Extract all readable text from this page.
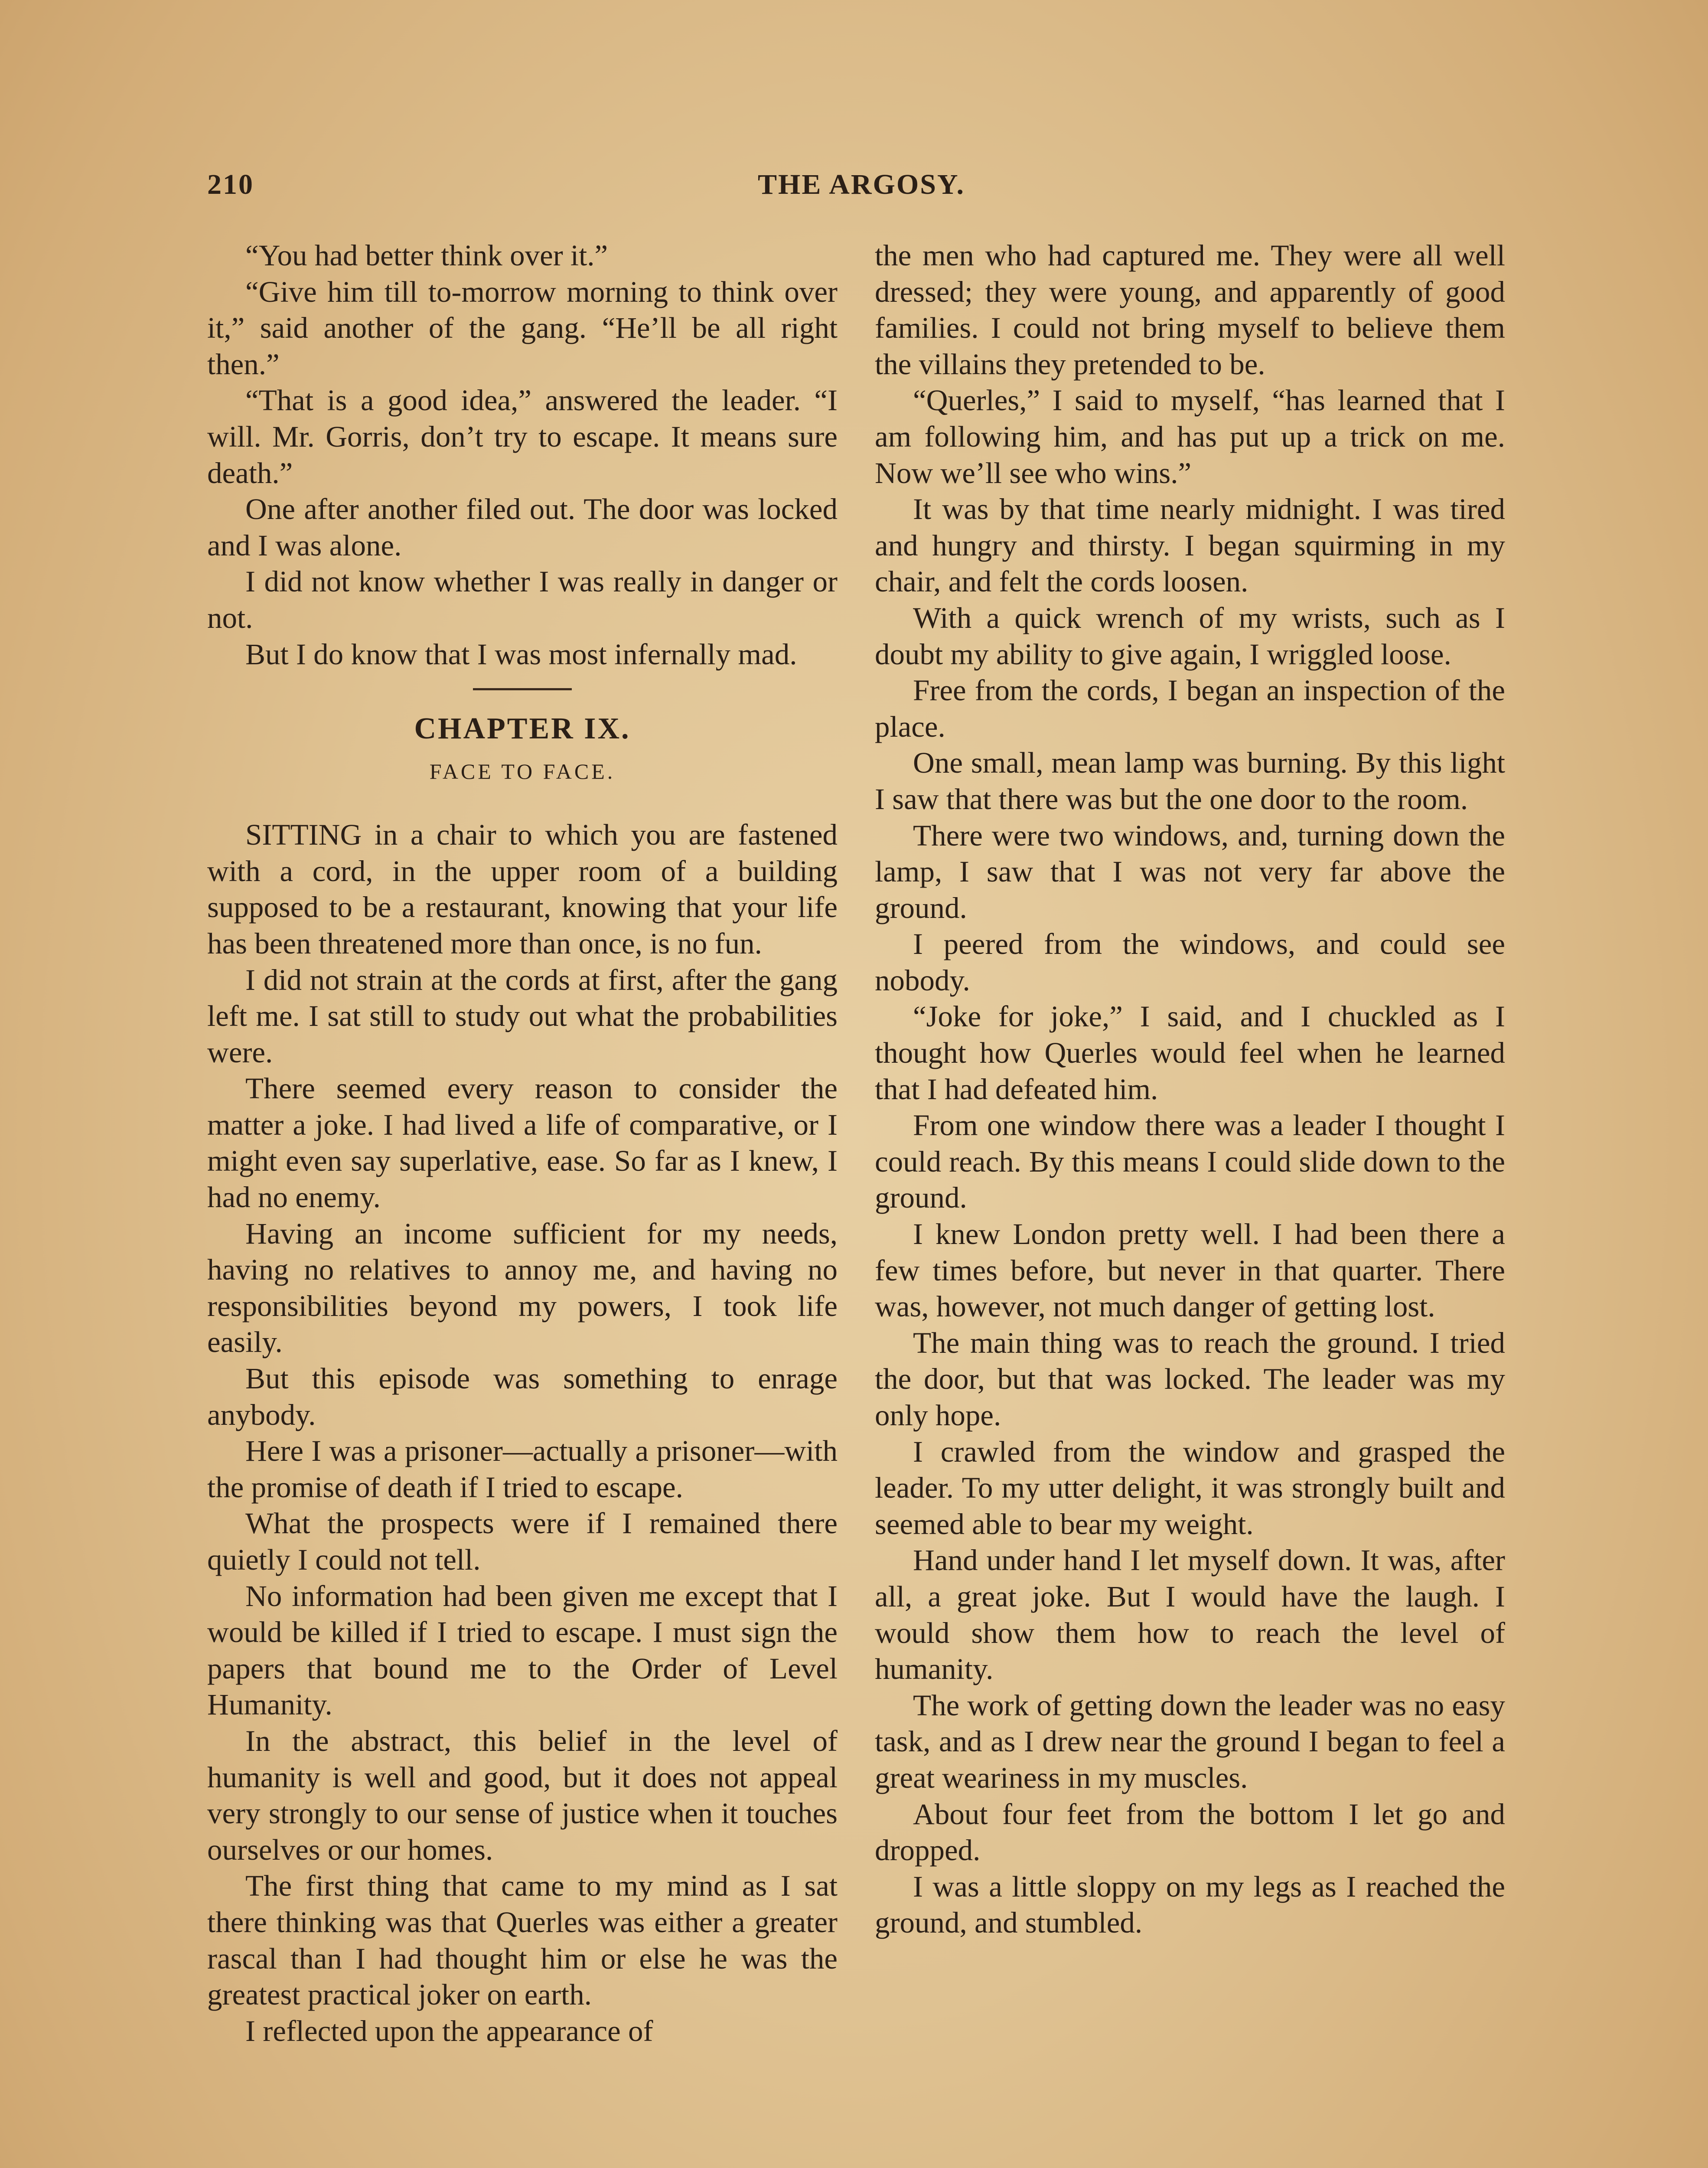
210	THE ARGOSY.

“You had better think over it.”

“Give him till to-morrow morning to think over it,” said another of the gang. “He’ll be all right then.”

“That is a good idea,” answered the leader. “I will. Mr. Gorris, don’t try to escape. It means sure death.”

One after another filed out. The door was locked and I was alone.

I did not know whether I was really in danger or not.

But I do know that I was most infernally mad.

CHAPTER IX.
FACE TO FACE.

SITTING in a chair to which you are fastened with a cord, in the upper room of a building supposed to be a restaurant, knowing that your life has been threatened more than once, is no fun.

I did not strain at the cords at first, after the gang left me. I sat still to study out what the probabilities were.

There seemed every reason to consider the matter a joke. I had lived a life of comparative, or I might even say superlative, ease. So far as I knew, I had no enemy.

Having an income sufficient for my needs, having no relatives to annoy me, and having no responsibilities beyond my powers, I took life easily.

But this episode was something to enrage anybody.

Here I was a prisoner—actually a prisoner—with the promise of death if I tried to escape.

What the prospects were if I remained there quietly I could not tell.

No information had been given me except that I would be killed if I tried to escape. I must sign the papers that bound me to the Order of Level Humanity.

In the abstract, this belief in the level of humanity is well and good, but it does not appeal very strongly to our sense of justice when it touches ourselves or our homes.

The first thing that came to my mind as I sat there thinking was that Querles was either a greater rascal than I had thought him or else he was the greatest practical joker on earth.

I reflected upon the appearance of

the men who had captured me. They were all well dressed; they were young, and apparently of good families. I could not bring myself to believe them the villains they pretended to be.

“Querles,” I said to myself, “has learned that I am following him, and has put up a trick on me. Now we’ll see who wins.”

It was by that time nearly midnight. I was tired and hungry and thirsty. I began squirming in my chair, and felt the cords loosen.

With a quick wrench of my wrists, such as I doubt my ability to give again, I wriggled loose.

Free from the cords, I began an inspection of the place.

One small, mean lamp was burning. By this light I saw that there was but the one door to the room.

There were two windows, and, turning down the lamp, I saw that I was not very far above the ground.

I peered from the windows, and could see nobody.

“Joke for joke,” I said, and I chuckled as I thought how Querles would feel when he learned that I had defeated him.

From one window there was a leader I thought I could reach. By this means I could slide down to the ground.

I knew London pretty well. I had been there a few times before, but never in that quarter. There was, however, not much danger of getting lost.

The main thing was to reach the ground. I tried the door, but that was locked. The leader was my only hope.

I crawled from the window and grasped the leader. To my utter delight, it was strongly built and seemed able to bear my weight.

Hand under hand I let myself down. It was, after all, a great joke. But I would have the laugh. I would show them how to reach the level of humanity.

The work of getting down the leader was no easy task, and as I drew near the ground I began to feel a great weariness in my muscles.

About four feet from the bottom I let go and dropped.

I was a little sloppy on my legs as I reached the ground, and stumbled.
